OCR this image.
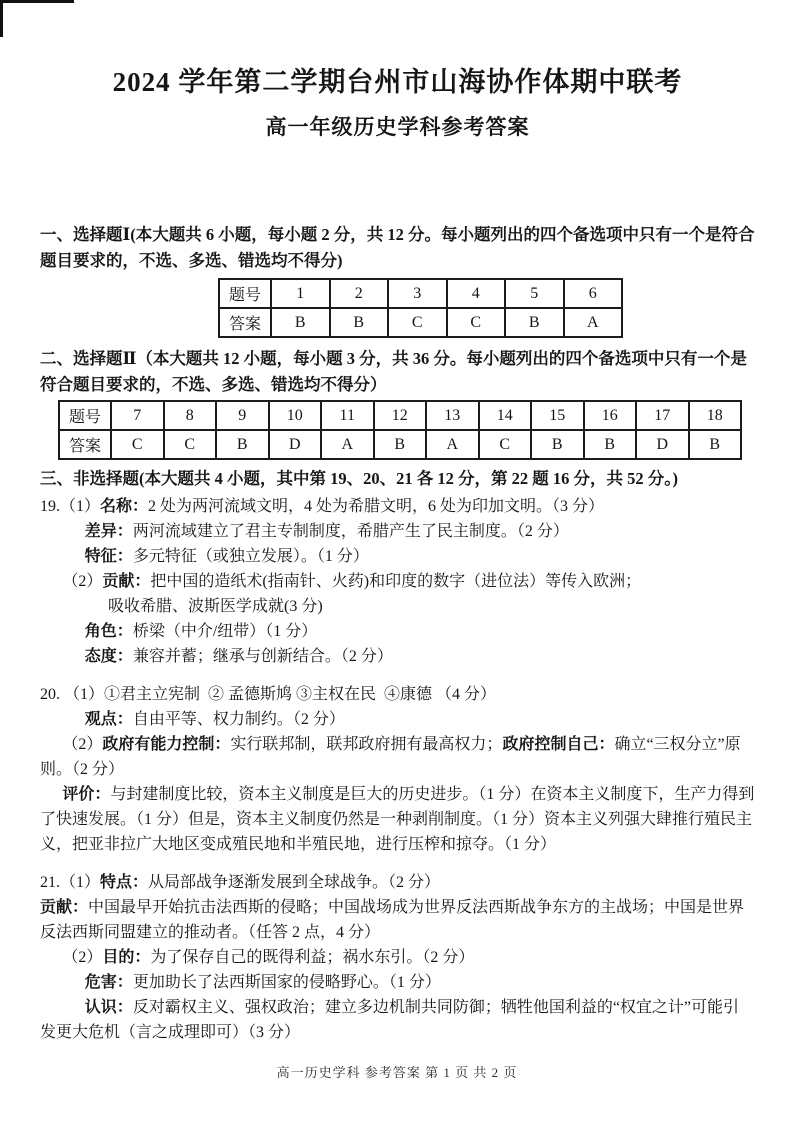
2024 学年第二学期台州市山海协作体期中联考
高一年级历史学科参考答案

一、选择题Ⅰ(本大题共 6 小题，每小题 2 分，共 12 分。每小题列出的四个备选项中只有一个是符合题目要求的，不选、多选、错选均不得分)

题号	1	2	3	4	5	6
答案	B	B	C	C	B	A

二、选择题Ⅱ（本大题共 12 小题，每小题 3 分，共 36 分。每小题列出的四个备选项中只有一个是符合题目要求的，不选、多选、错选均不得分）

题号	7	8	9	10	11	12	13	14	15	16	17	18
答案	C	C	B	D	A	B	A	C	B	B	D	B

三、非选择题(本大题共 4 小题，其中第 19、20、21 各 12 分，第 22 题 16 分，共 52 分。)

19.（1）名称：2 处为两河流域文明，4 处为希腊文明，6 处为印加文明。（3 分）

差异：两河流域建立了君主专制制度，希腊产生了民主制度。（2 分）

特征：多元特征（或独立发展）。（1 分）

（2）贡献：把中国的造纸术(指南针、火药)和印度的数字（进位法）等传入欧洲；

吸收希腊、波斯医学成就(3 分)

角色：桥梁（中介/纽带）（1 分）

态度：兼容并蓄；继承与创新结合。（2 分）

20. （1）①君主立宪制  ② 孟德斯鸠 ③主权在民  ④康德 （4 分）

观点：自由平等、权力制约。（2 分）

（2）政府有能力控制：实行联邦制，联邦政府拥有最高权力；政府控制自己：确立“三权分立”原则。（2 分）

评价：与封建制度比较，资本主义制度是巨大的历史进步。（1 分）在资本主义制度下，生产力得到了快速发展。（1 分）但是，资本主义制度仍然是一种剥削制度。（1 分）资本主义列强大肆推行殖民主义，把亚非拉广大地区变成殖民地和半殖民地，进行压榨和掠夺。（1 分）

21.（1）特点：从局部战争逐渐发展到全球战争。（2 分）

贡献：中国最早开始抗击法西斯的侵略；中国战场成为世界反法西斯战争东方的主战场；中国是世界反法西斯同盟建立的推动者。（任答 2 点，4 分）

（2）目的：为了保存自己的既得利益；祸水东引。（2 分）

危害：更加助长了法西斯国家的侵略野心。（1 分）

认识：反对霸权主义、强权政治；建立多边机制共同防御；牺牲他国利益的“权宜之计”可能引发更大危机（言之成理即可）（3 分）

高一历史学科 参考答案 第 1 页 共 2 页
